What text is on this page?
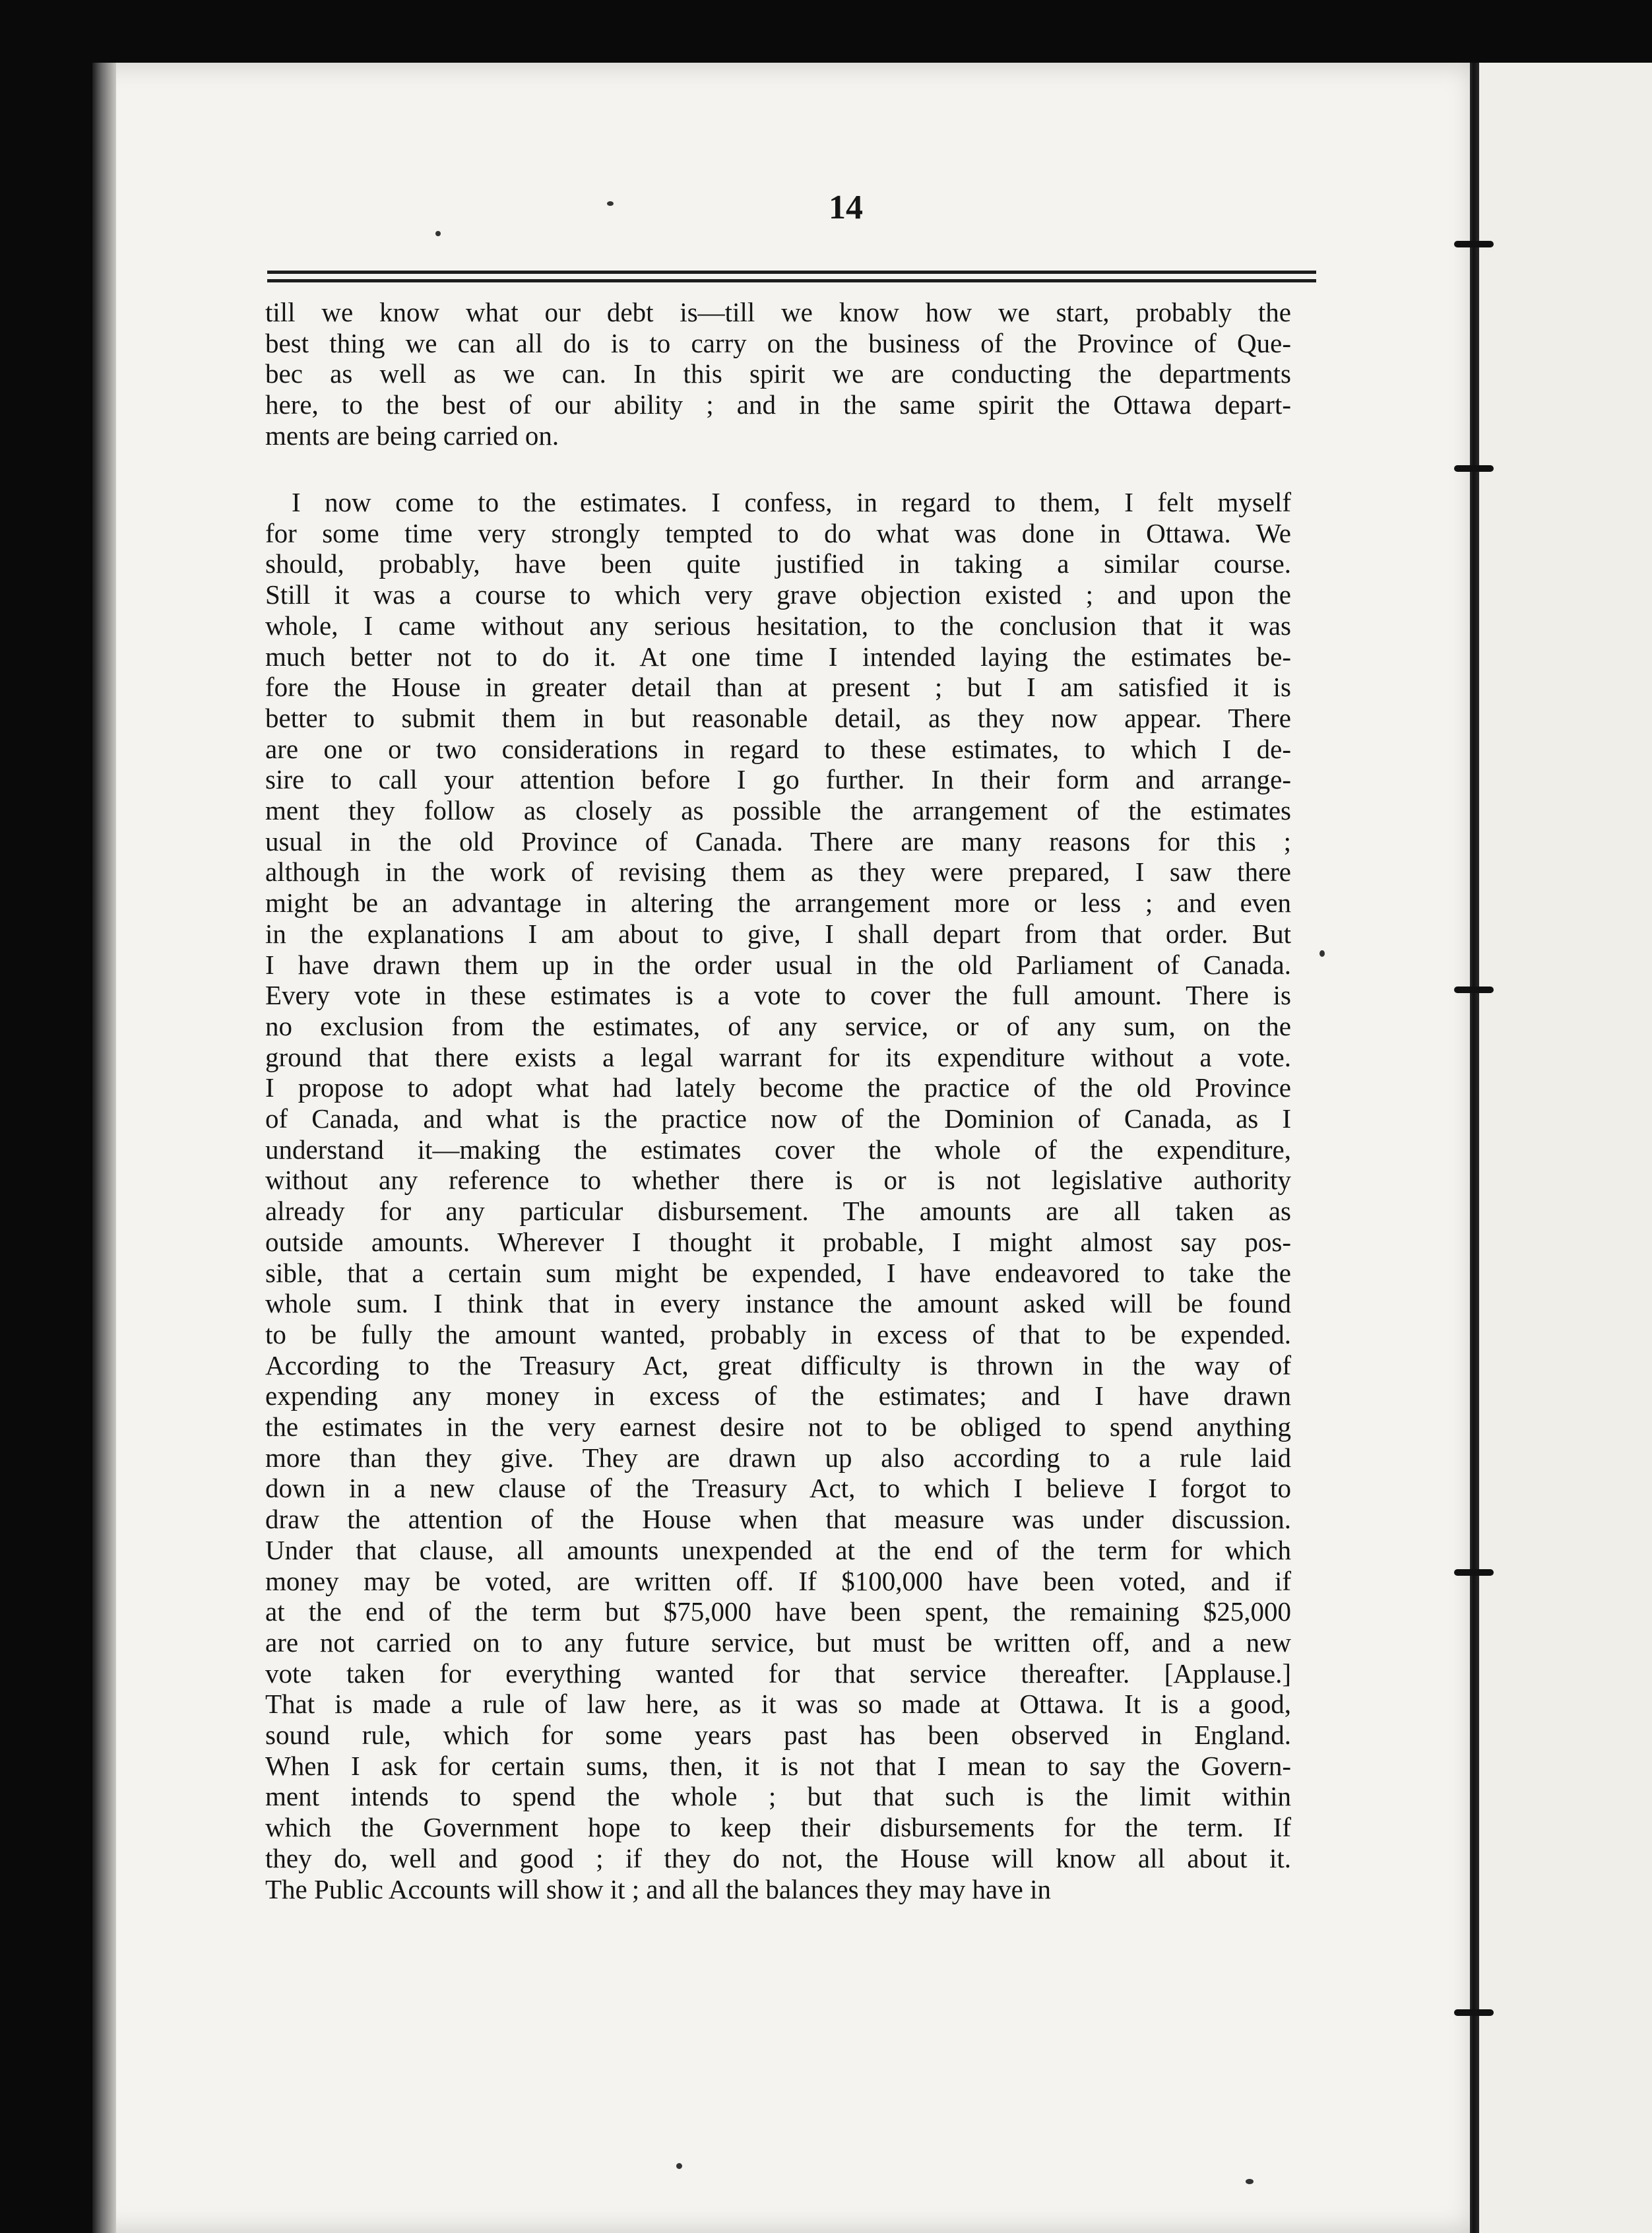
14
till we know what our debt is—till we know how we start, probably the
best thing we can all do is to carry on the business of the Province of Que-
bec as well as we can. In this spirit we are conducting the departments
here, to the best of our ability ; and in the same spirit the Ottawa depart-
ments are being carried on.
I now come to the estimates. I confess, in regard to them, I felt myself
for some time very strongly tempted to do what was done in Ottawa. We
should, probably, have been quite justified in taking a similar course.
Still it was a course to which very grave objection existed ; and upon the
whole, I came without any serious hesitation, to the conclusion that it was
much better not to do it. At one time I intended laying the estimates be-
fore the House in greater detail than at present ; but I am satisfied it is
better to submit them in but reasonable detail, as they now appear. There
are one or two considerations in regard to these estimates, to which I de-
sire to call your attention before I go further. In their form and arrange-
ment they follow as closely as possible the arrangement of the estimates
usual in the old Province of Canada. There are many reasons for this ;
although in the work of revising them as they were prepared, I saw there
might be an advantage in altering the arrangement more or less ; and even
in the explanations I am about to give, I shall depart from that order. But
I have drawn them up in the order usual in the old Parliament of Canada.
Every vote in these estimates is a vote to cover the full amount. There is
no exclusion from the estimates, of any service, or of any sum, on the
ground that there exists a legal warrant for its expenditure without a vote.
I propose to adopt what had lately become the practice of the old Province
of Canada, and what is the practice now of the Dominion of Canada, as I
understand it—making the estimates cover the whole of the expenditure,
without any reference to whether there is or is not legislative authority
already for any particular disbursement. The amounts are all taken as
outside amounts. Wherever I thought it probable, I might almost say pos-
sible, that a certain sum might be expended, I have endeavored to take the
whole sum. I think that in every instance the amount asked will be found
to be fully the amount wanted, probably in excess of that to be expended.
According to the Treasury Act, great difficulty is thrown in the way of
expending any money in excess of the estimates; and I have drawn
the estimates in the very earnest desire not to be obliged to spend anything
more than they give. They are drawn up also according to a rule laid
down in a new clause of the Treasury Act, to which I believe I forgot to
draw the attention of the House when that measure was under discussion.
Under that clause, all amounts unexpended at the end of the term for which
money may be voted, are written off. If $100,000 have been voted, and if
at the end of the term but $75,000 have been spent, the remaining $25,000
are not carried on to any future service, but must be written off, and a new
vote taken for everything wanted for that service thereafter. [Applause.]
That is made a rule of law here, as it was so made at Ottawa. It is a good,
sound rule, which for some years past has been observed in England.
When I ask for certain sums, then, it is not that I mean to say the Govern-
ment intends to spend the whole ; but that such is the limit within
which the Government hope to keep their disbursements for the term. If
they do, well and good ; if they do not, the House will know all about it.
The Public Accounts will show it ; and all the balances they may have in
